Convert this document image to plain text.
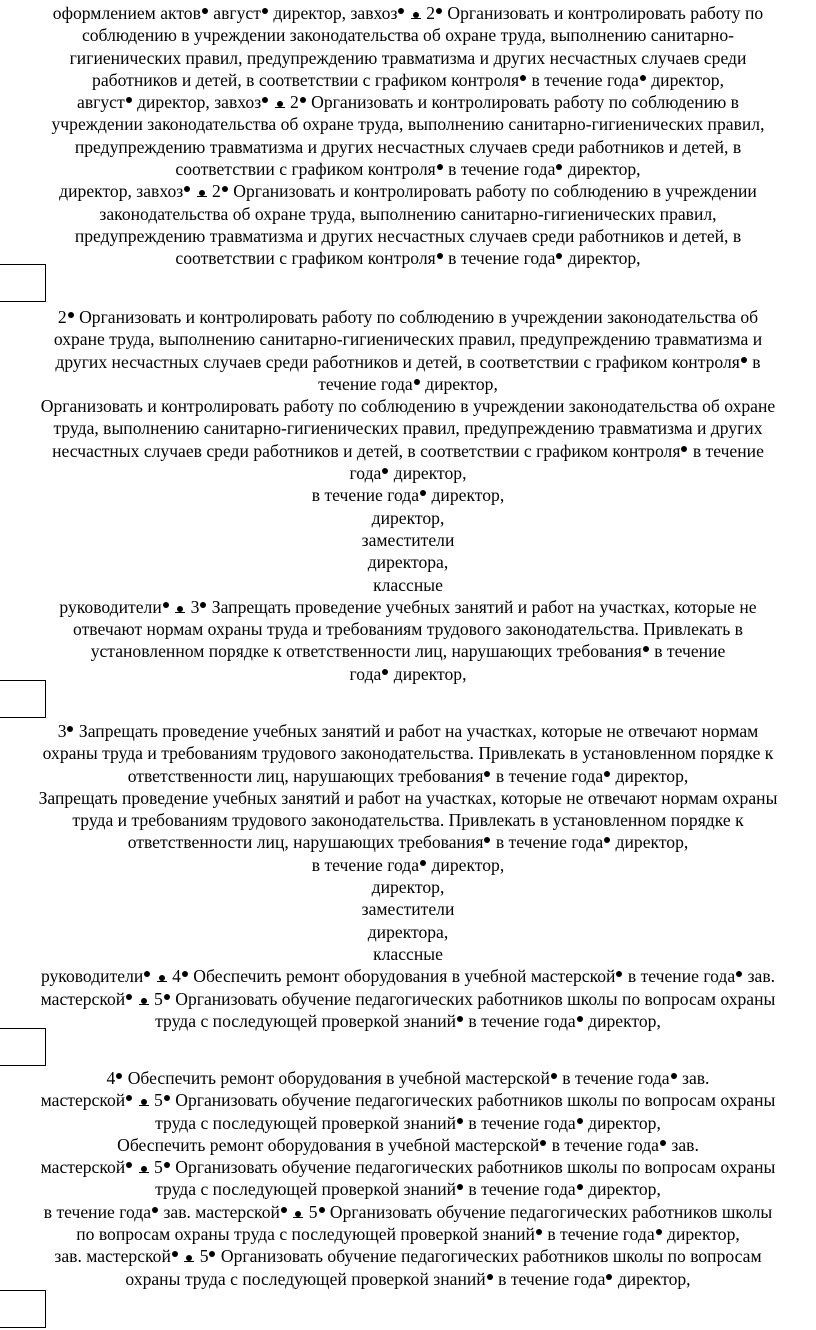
оформлением актов август директор, завхоз 2 Организовать и контролировать работу по
соблюдению в учреждении законодательства об охране труда, выполнению санитарно-
гигиенических правил, предупреждению травматизма и других несчастных случаев среди
работников и детей, в соответствии с графиком контроля в течение года директор,
август директор, завхоз 2 Организовать и контролировать работу по соблюдению в
учреждении законодательства об охране труда, выполнению санитарно-гигиенических правил,
предупреждению травматизма и других несчастных случаев среди работников и детей, в
соответствии с графиком контроля в течение года директор,
директор, завхоз 2 Организовать и контролировать работу по соблюдению в учреждении
законодательства об охране труда, выполнению санитарно-гигиенических правил,
предупреждению травматизма и других несчастных случаев среди работников и детей, в
соответствии с графиком контроля в течение года директор,
2 Организовать и контролировать работу по соблюдению в учреждении законодательства об
охране труда, выполнению санитарно-гигиенических правил, предупреждению травматизма и
других несчастных случаев среди работников и детей, в соответствии с графиком контроля в
течение года директор,
Организовать и контролировать работу по соблюдению в учреждении законодательства об охране
труда, выполнению санитарно-гигиенических правил, предупреждению травматизма и других
несчастных случаев среди работников и детей, в соответствии с графиком контроля в течение
года директор,
в течение года директор,
директор,
заместители
директора,
классные
руководители 3 Запрещать проведение учебных занятий и работ на участках, которые не
отвечают нормам охраны труда и требованиям трудового законодательства. Привлекать в
установленном порядке к ответственности лиц, нарушающих требования в течение
года директор,
3 Запрещать проведение учебных занятий и работ на участках, которые не отвечают нормам
охраны труда и требованиям трудового законодательства. Привлекать в установленном порядке к
ответственности лиц, нарушающих требования в течение года директор,
Запрещать проведение учебных занятий и работ на участках, которые не отвечают нормам охраны
труда и требованиям трудового законодательства. Привлекать в установленном порядке к
ответственности лиц, нарушающих требования в течение года директор,
в течение года директор,
директор,
заместители
директора,
классные
руководители 4 Обеспечить ремонт оборудования в учебной мастерской в течение года зав.
мастерской 5 Организовать обучение педагогических работников школы по вопросам охраны
труда с последующей проверкой знаний в течение года директор,
4 Обеспечить ремонт оборудования в учебной мастерской в течение года зав.
мастерской 5 Организовать обучение педагогических работников школы по вопросам охраны
труда с последующей проверкой знаний в течение года директор,
Обеспечить ремонт оборудования в учебной мастерской в течение года зав.
мастерской 5 Организовать обучение педагогических работников школы по вопросам охраны
труда с последующей проверкой знаний в течение года директор,
в течение года зав. мастерской 5 Организовать обучение педагогических работников школы
по вопросам охраны труда с последующей проверкой знаний в течение года директор,
зав. мастерской 5 Организовать обучение педагогических работников школы по вопросам
охраны труда с последующей проверкой знаний в течение года директор,
